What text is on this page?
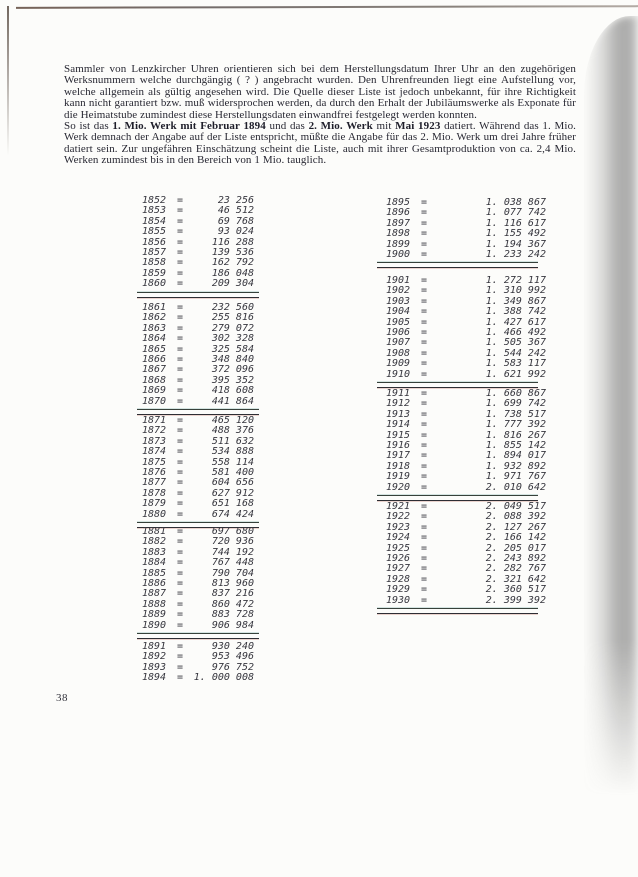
Sammler von Lenzkircher Uhren orientieren sich bei dem Herstellungsdatum Ihrer Uhr an den zugehörigen Werksnummern welche durchgängig ( ? ) angebracht wurden. Den Uhrenfreunden liegt eine Aufstellung vor, welche allgemein als gültig angesehen wird. Die Quelle dieser Liste ist jedoch unbekannt, für ihre Richtigkeit kann nicht garantiert bzw. muß widersprochen werden, da durch den Erhalt der Jubiläumswerke als Exponate für die Heimatstube zumindest diese Herstellungsdaten einwandfrei festgelegt werden konnten.

So ist das 1. Mio. Werk mit Februar 1894 und das 2. Mio. Werk mit Mai 1923 datiert. Während das 1. Mio. Werk demnach der Angabe auf der Liste entspricht, müßte die Angabe für das 2. Mio. Werk um drei Jahre früher datiert sein. Zur ungefähren Einschätzung scheint die Liste, auch mit ihrer Gesamtproduktion von ca. 2,4 Mio. Werken zumindest bis in den Bereich von 1 Mio. tauglich.

1852	=	23 256
1853	=	46 512
1854	=	69 768
1855	=	93 024
1856	=	116 288
1857	=	139 536
1858	=	162 792
1859	=	186 048
1860	=	209 304
1861	=	232 560
1862	=	255 816
1863	=	279 072
1864	=	302 328
1865	=	325 584
1866	=	348 840
1867	=	372 096
1868	=	395 352
1869	=	418 608
1870	=	441 864
1871	=	465 120
1872	=	488 376
1873	=	511 632
1874	=	534 888
1875	=	558 114
1876	=	581 400
1877	=	604 656
1878	=	627 912
1879	=	651 168
1880	=	674 424
1881	=	697 680
1882	=	720 936
1883	=	744 192
1884	=	767 448
1885	=	790 704
1886	=	813 960
1887	=	837 216
1888	=	860 472
1889	=	883 728
1890	=	906 984
1891	=	930 240
1892	=	953 496
1893	=	976 752
1894	=	1. 000 008
1895	=	1. 038 867
1896	=	1. 077 742
1897	=	1. 116 617
1898	=	1. 155 492
1899	=	1. 194 367
1900	=	1. 233 242
1901	=	1. 272 117
1902	=	1. 310 992
1903	=	1. 349 867
1904	=	1. 388 742
1905	=	1. 427 617
1906	=	1. 466 492
1907	=	1. 505 367
1908	=	1. 544 242
1909	=	1. 583 117
1910	=	1. 621 992
1911	=	1. 660 867
1912	=	1. 699 742
1913	=	1. 738 517
1914	=	1. 777 392
1915	=	1. 816 267
1916	=	1. 855 142
1917	=	1. 894 017
1918	=	1. 932 892
1919	=	1. 971 767
1920	=	2. 010 642
1921	=	2. 049 517
1922	=	2. 088 392
1923	=	2. 127 267
1924	=	2. 166 142
1925	=	2. 205 017
1926	=	2. 243 892
1927	=	2. 282 767
1928	=	2. 321 642
1929	=	2. 360 517
1930	=	2. 399 392
38
